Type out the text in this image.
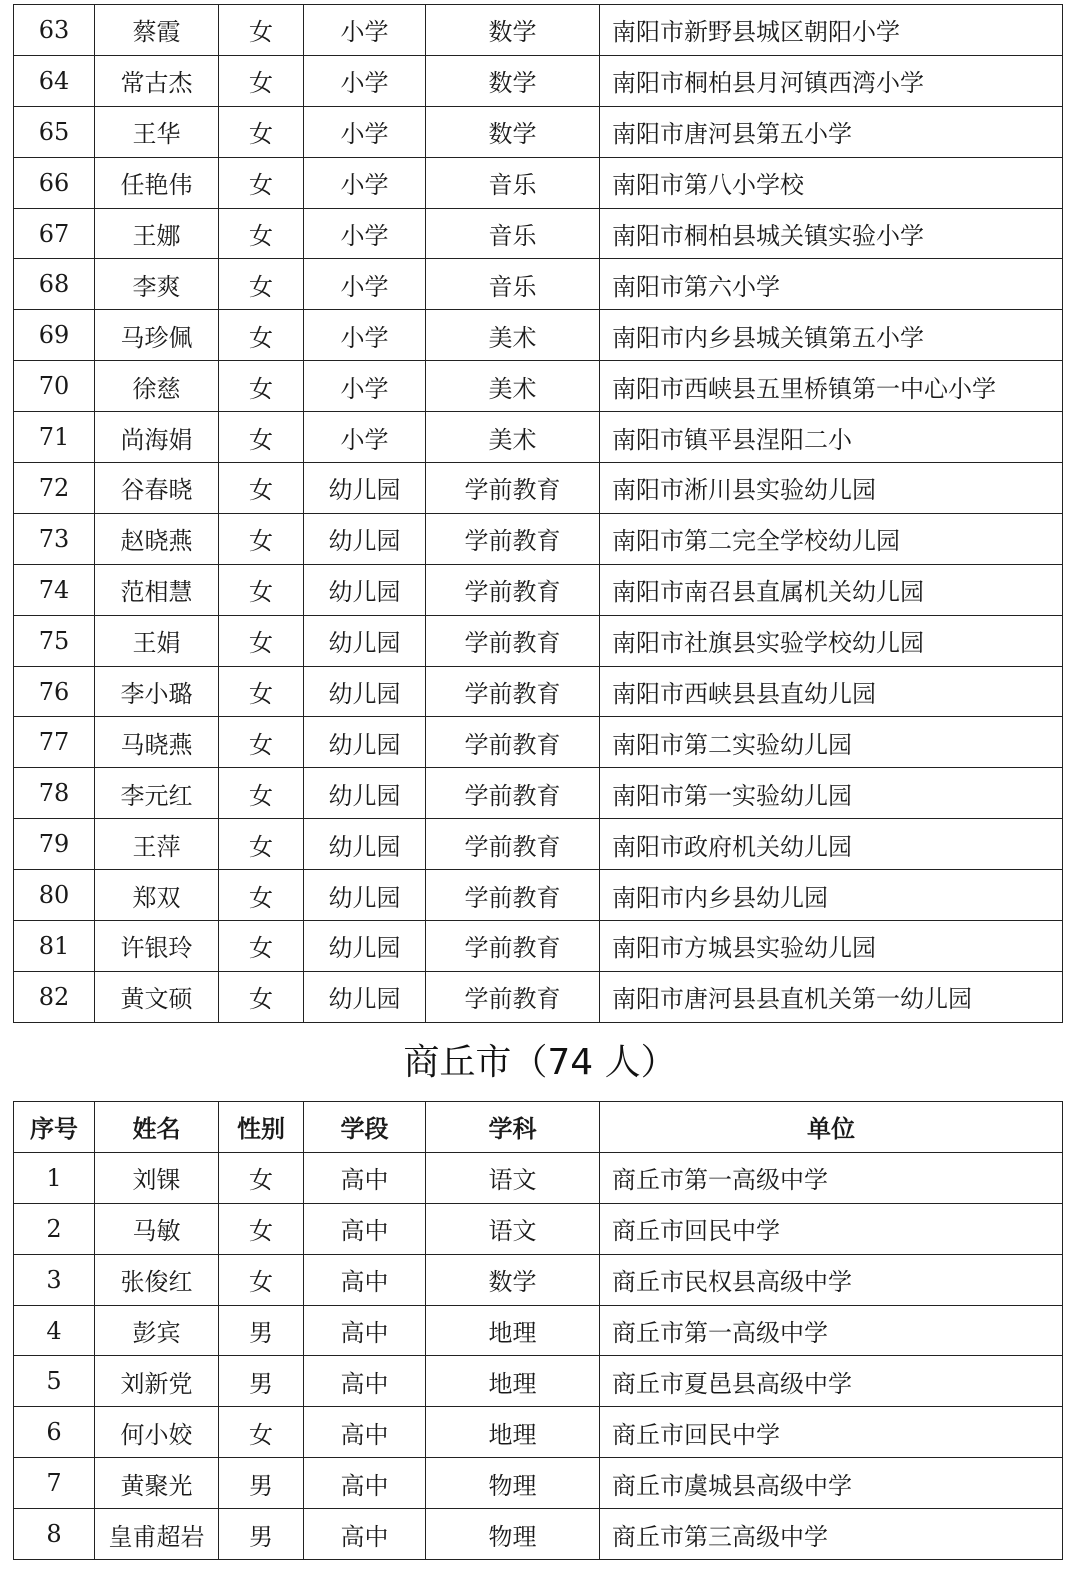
63	蔡霞	女	小学	数学	南阳市新野县城区朝阳小学
64	常古杰	女	小学	数学	南阳市桐柏县月河镇西湾小学
65	王华	女	小学	数学	南阳市唐河县第五小学
66	任艳伟	女	小学	音乐	南阳市第八小学校
67	王娜	女	小学	音乐	南阳市桐柏县城关镇实验小学
68	李爽	女	小学	音乐	南阳市第六小学
69	马珍佩	女	小学	美术	南阳市内乡县城关镇第五小学
70	徐慈	女	小学	美术	南阳市西峡县五里桥镇第一中心小学
71	尚海娟	女	小学	美术	南阳市镇平县涅阳二小
72	谷春晓	女	幼儿园	学前教育	南阳市淅川县实验幼儿园
73	赵晓燕	女	幼儿园	学前教育	南阳市第二完全学校幼儿园
74	范相慧	女	幼儿园	学前教育	南阳市南召县直属机关幼儿园
75	王娟	女	幼儿园	学前教育	南阳市社旗县实验学校幼儿园
76	李小璐	女	幼儿园	学前教育	南阳市西峡县县直幼儿园
77	马晓燕	女	幼儿园	学前教育	南阳市第二实验幼儿园
78	李元红	女	幼儿园	学前教育	南阳市第一实验幼儿园
79	王萍	女	幼儿园	学前教育	南阳市政府机关幼儿园
80	郑双	女	幼儿园	学前教育	南阳市内乡县幼儿园
81	许银玲	女	幼儿园	学前教育	南阳市方城县实验幼儿园
82	黄文硕	女	幼儿园	学前教育	南阳市唐河县县直机关第一幼儿园
商丘市（74 人）
序号	姓名	性别	学段	学科	单位
1	刘锞	女	高中	语文	商丘市第一高级中学
2	马敏	女	高中	语文	商丘市回民中学
3	张俊红	女	高中	数学	商丘市民权县高级中学
4	彭宾	男	高中	地理	商丘市第一高级中学
5	刘新党	男	高中	地理	商丘市夏邑县高级中学
6	何小姣	女	高中	地理	商丘市回民中学
7	黄聚光	男	高中	物理	商丘市虞城县高级中学
8	皇甫超岩	男	高中	物理	商丘市第三高级中学
